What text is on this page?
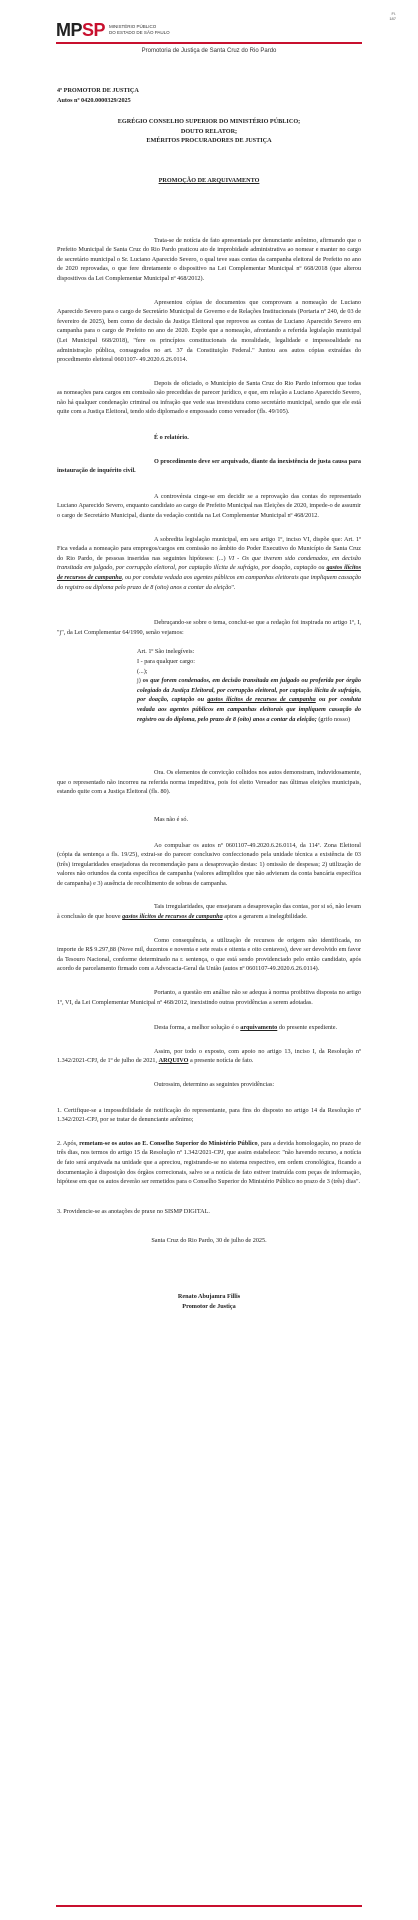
Fl.
187
MPSP MINISTÉRIO PÚBLICO
DO ESTADO DE SÃO PAULO
Promotoria de Justiça de Santa Cruz do Rio Pardo

4º PROMOTOR DE JUSTIÇA

Autos nº 0420.0000329/2025

EGRÉGIO CONSELHO SUPERIOR DO MINISTÉRIO PÚBLICO;

DOUTO RELATOR;

EMÉRITOS PROCURADORES DE JUSTIÇA

PROMOÇÃO DE ARQUIVAMENTO

Trata-se de notícia de fato apresentada por denunciante anônimo, afirmando que o Prefeito Municipal de Santa Cruz do Rio Pardo praticou ato de improbidade administrativa ao nomear e manter no cargo de secretário municipal o Sr. Luciano Aparecido Severo, o qual teve suas contas da campanha eleitoral de Prefeito no ano de 2020 reprovadas, o que fere diretamente o dispositivo na Lei Complementar Municipal nº 668/2018 (que alterou dispositivos da Lei Complementar Municipal nº 468/2012).

Apresentou cópias de documentos que comprovam a nomeação de Luciano Aparecido Severo para o cargo de Secretário Municipal de Governo e de Relações Institucionais (Portaria nº 240, de 03 de fevereiro de 2025), bem como de decisão da Justiça Eleitoral que reprovou as contas de Luciano Aparecido Severo em campanha para o cargo de Prefeito no ano de 2020. Expõe que a nomeação, afrontando a referida legislação municipal (Lei Municipal 668/2018), "fere os princípios constitucionais da moralidade, legalidade e impessoalidade na administração pública, consagrados no art. 37 da Constituição Federal." Juntou aos autos cópias extraídas do procedimento eleitoral 0601107- 49.2020.6.26.0114.

Depois de oficiado, o Município de Santa Cruz do Rio Pardo informou que todas as nomeações para cargos em comissão são precedidas de parecer jurídico, e que, em relação a Luciano Aparecido Severo, não há qualquer condenação criminal ou infração que vede sua investidura como secretário municipal, sendo que ele está quite com a Justiça Eleitoral, tendo sido diplomado e empossado como vereador (fls. 49/105).

É o relatório.

O procedimento deve ser arquivado, diante da inexistência de justa causa para instauração de inquérito civil.

A controvérsia cinge-se em decidir se a reprovação das contas do representado Luciano Aparecido Severo, enquanto candidato ao cargo de Prefeito Municipal nas Eleições de 2020, impede-o de assumir o cargo de Secretário Municipal, diante da vedação contida na Lei Complementar Municipal nº 468/2012.

A sobredita legislação municipal, em seu artigo 1º, inciso VI, dispõe que: Art. 1º Fica vedada a nomeação para empregos/cargos em comissão no âmbito do Poder Executivo do Município de Santa Cruz do Rio Pardo, de pessoas inseridas nas seguintes hipóteses: (...) VI - Os que tiverem sido condenados, em decisão transitada em julgado, por corrupção eleitoral, por captação ilícita de sufrágio, por doação, captação ou gastos ilícitos de recursos de campanha, ou por conduta vedada aos agentes públicos em campanhas eleitorais que impliquem cassação do registro ou diploma pelo prazo de 8 (oito) anos a contar da eleição".

Debruçando-se sobre o tema, conclui-se que a redação foi inspirada no artigo 1º, I, "j", da Lei Complementar 64/1990, senão vejamos:

Art. 1º São inelegíveis:

I - para qualquer cargo:

(...);

j) os que forem condenados, em decisão transitada em julgado ou proferida por órgão colegiado da Justiça Eleitoral, por corrupção eleitoral, por captação ilícita de sufrágio, por doação, captação ou gastos ilícitos de recursos de campanha ou por conduta vedada aos agentes públicos em campanhas eleitorais que impliquem cassação do registro ou do diploma, pelo prazo de 8 (oito) anos a contar da eleição; (grifo nosso)

Ora. Os elementos de convicção colhidos nos autos demonstram, induvidosamente, que o representado não incorreu na referida norma impeditiva, pois foi eleito Vereador nas últimas eleições municipais, estando quite com a Justiça Eleitoral (fls. 80).

Mas não é só.

Ao compulsar os autos nº 0601107-49.2020.6.26.0114, da 114ª. Zona Eleitoral (cópia da sentença a fls. 19/25), extrai-se do parecer conclusivo confeccionado pela unidade técnica a existência de 03 (três) irregularidades ensejadoras da recomendação para a desaprovação destas: 1) omissão de despesas; 2) utilização de valores não oriundos da conta específica de campanha (valores adimplidos que não advieram da conta bancária específica de campanha) e 3) ausência de recolhimento de sobras de campanha.

Tais irregularidades, que ensejaram a desaprovação das contas, por si só, não levam à conclusão de que houve gastos ilícitos de recursos de campanha aptos a gerarem a inelegibilidade.

Como consequência, a utilização de recursos de origem não identificada, no importe de R$ 9.297,88 (Nove mil, duzentos e noventa e sete reais e oitenta e oito centavos), deve ser devolvido em favor da Tesouro Nacional, conforme determinado na r. sentença, o que está sendo providenciado pelo então candidato, após acordo de parcelamento firmado com a Advocacia-Geral da União (autos nº 0601107-49.2020.6.26.0114).

Portanto, a questão em análise não se adequa à norma proibitiva disposta no artigo 1º, VI, da Lei Complementar Municipal nº 468/2012, inexistindo outras providências a serem adotadas.

Desta forma, a melhor solução é o arquivamento do presente expediente.

Assim, por todo o exposto, com apoio no artigo 13, inciso I, da Resolução nº 1.342/2021-CPJ, de 1º de julho de 2021, ARQUIVO a presente notícia de fato.

Outrossim, determino as seguintes providências:

1. Certifique-se a impossibilidade de notificação do representante, para fins do disposto no artigo 14 da Resolução nº 1.342/2021-CPJ, por se tratar de denunciante anônimo;

2. Após, remetam-se os autos ao E. Conselho Superior do Ministério Público, para a devida homologação, no prazo de três dias, nos termos do artigo 15 da Resolução nº 1.342/2021-CPJ, que assim estabelece: "não havendo recurso, a notícia de fato será arquivada na unidade que a apreciou, registrando-se no sistema respectivo, em ordem cronológica, ficando a documentação à disposição dos órgãos correcionais, salvo se a notícia de fato estiver instruída com peças de informação, hipótese em que os autos deverão ser remetidos para o Conselho Superior do Ministério Público no prazo de 3 (três) dias".

3. Providencie-se as anotações de praxe no SISMP DIGITAL.

Santa Cruz do Rio Pardo, 30 de julho de 2025.

Renato Abujamra Fillis

Promotor de Justiça
